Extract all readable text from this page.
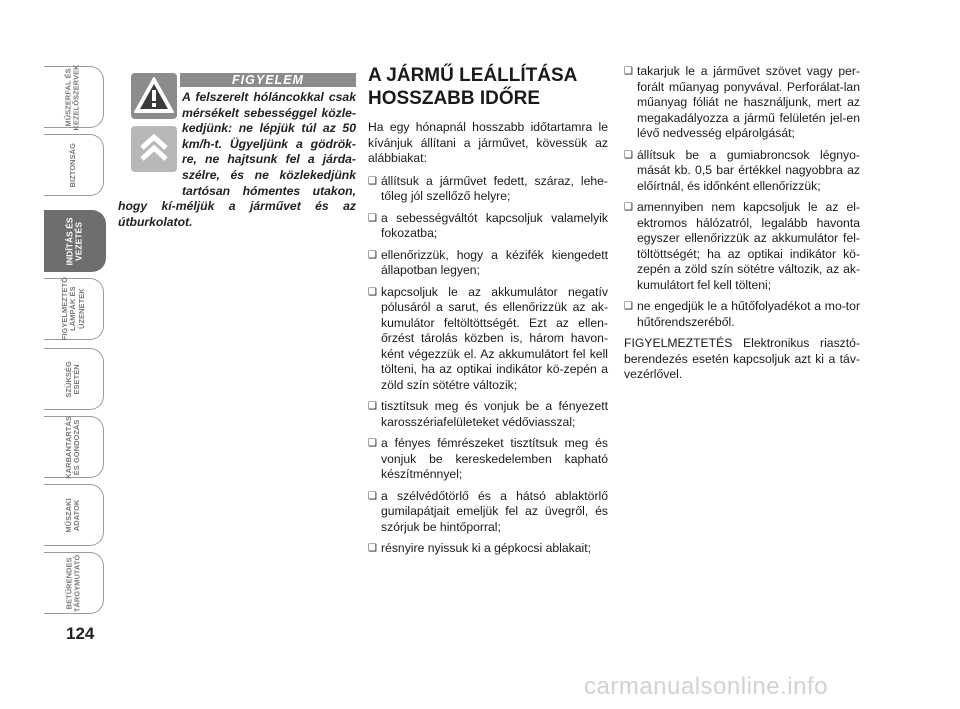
MŰSZERFAL ÉS
KEZELŐSZERVEK
BIZTONSÁG
INDÍTÁS ÉS
VEZETÉS
FIGYELMEZTETŐ
LÁMPÁK ÉS
ÜZENETEK
SZÜKSÉG
ESETÉN
KARBANTARTÁS
ÉS GONDOZÁS
MŰSZAKI
ADATOK
BETŰRENDES
TÁRGYMUTATÓ
124
FIGYELEM
A felszerelt hóláncokkal csak mérsékelt sebességgel közle-kedjünk: ne lépjük túl az 50 km/h-t. Ügyeljünk a gödrök-re, ne hajtsunk fel a járda-szélre, és ne közlekedjünk tartósan hómentes utakon, hogy kí-méljük a járművet és az útburkolatot.
A JÁRMŰ LEÁLLÍTÁSA
HOSSZABB IDŐRE

Ha egy hónapnál hosszabb időtartamra le kívánjuk állítani a járművet, kövessük az alábbiakat:

❑ állítsuk a járművet fedett, száraz, lehe-tőleg jól szellőző helyre;
❑ a sebességváltót kapcsoljuk valamelyik fokozatba;
❑ ellenőrizzük, hogy a kézifék kiengedett állapotban legyen;
❑ kapcsoljuk le az akkumulátor negatív pólusáról a sarut, és ellenőrizzük az ak-kumulátor feltöltöttségét. Ezt az ellen-őrzést tárolás közben is, három havon-ként végezzük el. Az akkumulátort fel kell tölteni, ha az optikai indikátor kö-zepén a zöld szín sötétre változik;
❑ tisztítsuk meg és vonjuk be a fényezett karosszériafelületeket védőviasszal;
❑ a fényes fémrészeket tisztítsuk meg és vonjuk be kereskedelemben kapható készítménnyel;
❑ a szélvédőtörlő és a hátsó ablaktörlő gumilapátjait emeljük fel az üvegről, és szórjuk be hintőporral;
❑ résnyire nyissuk ki a gépkocsi ablakait;
❑ takarjuk le a járművet szövet vagy per-forált műanyag ponyvával. Perforálat-lan műanyag fóliát ne használjunk, mert az megakadályozza a jármű felületén jel-en lévő nedvesség elpárolgását;
❑ állítsuk be a gumiabroncsok légnyo-mását kb. 0,5 bar értékkel nagyobbra az előírtnál, és időnként ellenőrizzük;
❑ amennyiben nem kapcsoljuk le az el-ektromos hálózatról, legalább havonta egyszer ellenőrizzük az akkumulátor fel-töltöttségét; ha az optikai indikátor kö-zepén a zöld szín sötétre változik, az ak-kumulátort fel kell tölteni;
❑ ne engedjük le a hűtőfolyadékot a mo-tor hűtőrendszeréből.

FIGYELMEZTETÉS Elektronikus riasztó-berendezés esetén kapcsoljuk azt ki a táv-vezérlővel.

carmanualsonline.info
